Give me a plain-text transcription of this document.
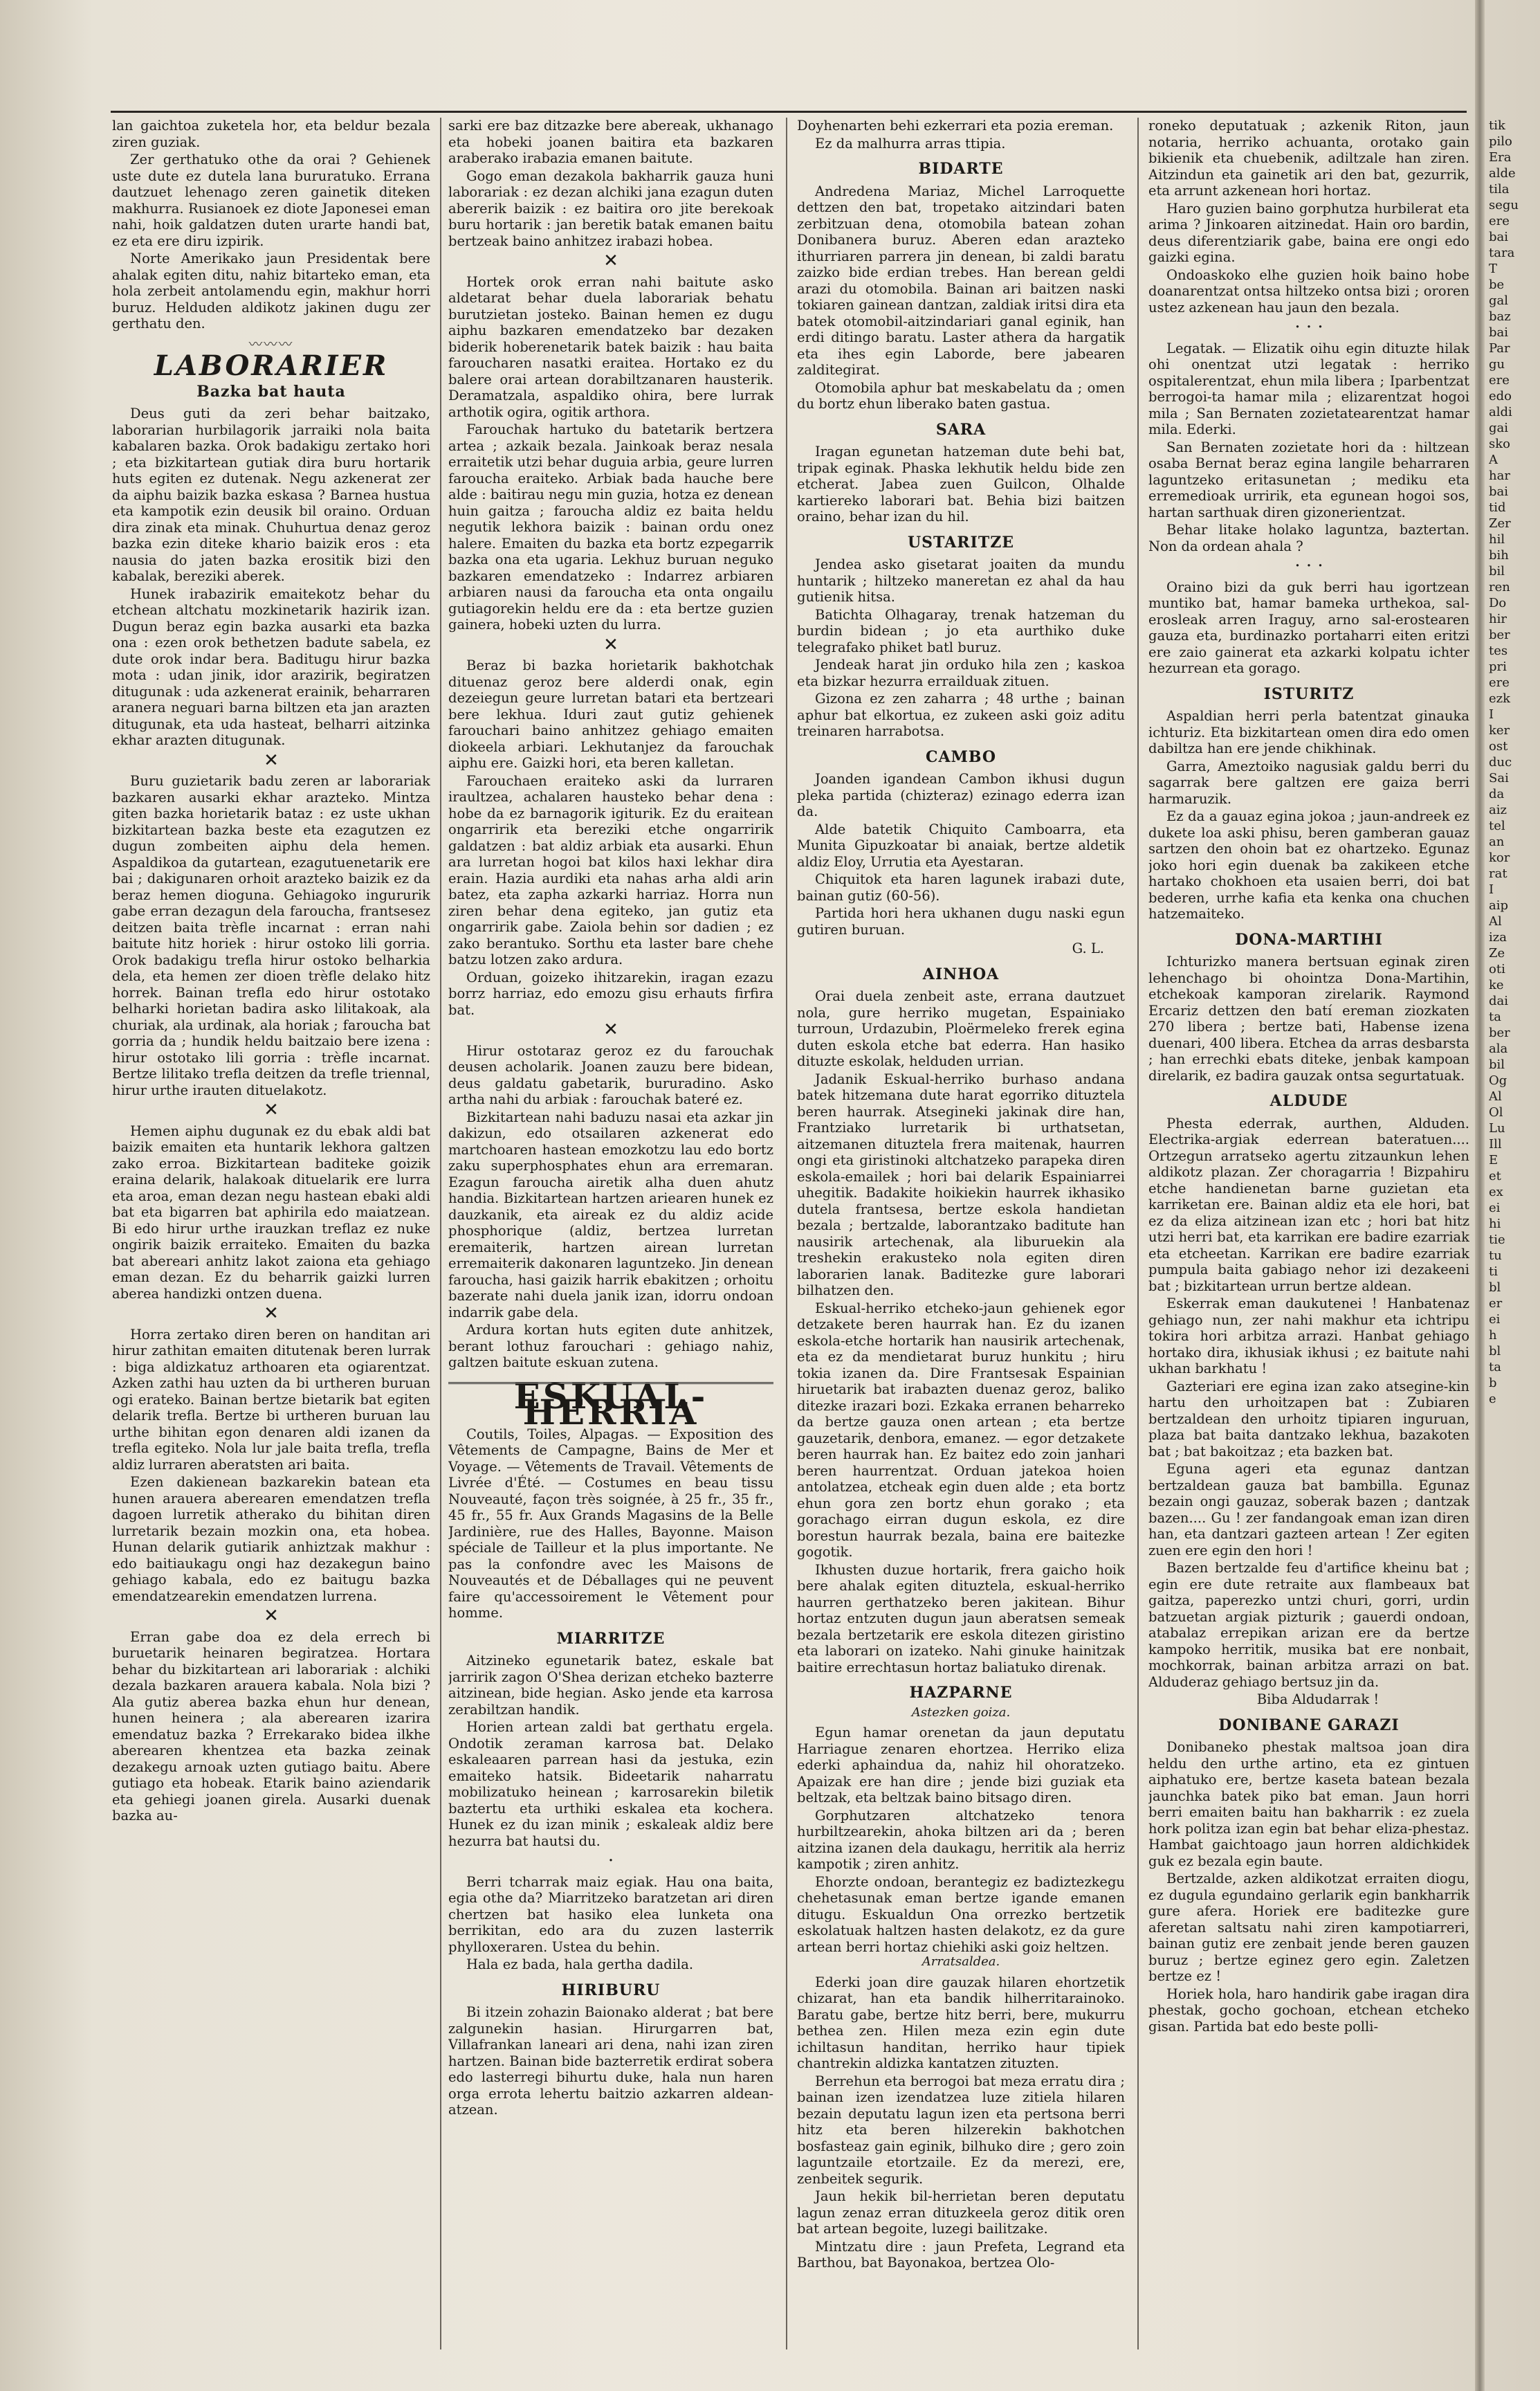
lan gaichtoa zuketela hor, eta beldur bezala ziren guziak.

Zer gerthatuko othe da orai ? Gehienek uste dute ez dutela lana bururatuko. Errana dautzuet lehenago zeren gainetik diteken makhurra. Rusianoek ez diote Japonesei eman nahi, hoik galdatzen duten urarte handi bat, ez eta ere diru izpirik.

Norte Amerikako jaun Presidentak bere ahalak egiten ditu, nahiz bitarteko eman, eta hola zerbeit antolamendu egin, makhur horri buruz. Helduden aldikotz jakinen dugu zer gerthatu den.

〰〰〰
LABORARIER
Bazka bat hauta

Deus guti da zeri behar baitzako, laborarian hurbilagorik jarraiki nola baita kabalaren bazka. Orok badakigu zertako hori ; eta bizkitartean gutiak dira buru hortarik huts egiten ez dutenak. Negu azkenerat zer da aiphu baizik bazka eskasa ? Barnea hustua eta kampotik ezin deusik bil oraino. Orduan dira zinak eta minak. Chuhurtua denaz geroz bazka ezin diteke khario baizik eros : eta nausia do jaten bazka erositik bizi den kabalak, bereziki aberek.

Hunek irabazirik emaitekotz behar du etchean altchatu mozkinetarik hazirik izan. Dugun beraz egin bazka ausarki eta bazka ona : ezen orok bethetzen badute sabela, ez dute orok indar bera. Baditugu hirur bazka mota : udan jinik, idor arazirik, begiratzen ditugunak : uda azkenerat erainik, beharraren aranera neguari barna biltzen eta jan arazten ditugunak, eta uda hasteat, belharri aitzinka ekhar arazten ditugunak.

✕

Buru guzietarik badu zeren ar laborariak bazkaren ausarki ekhar arazteko. Mintza giten bazka horietarik bataz : ez uste ukhan bizkitartean bazka beste eta ezagutzen ez dugun zombeiten aiphu dela hemen. Aspaldikoa da gutartean, ezagutuenetarik ere bai ; dakigunaren orhoit arazteko baizik ez da beraz hemen dioguna. Gehiagoko ingururik gabe erran dezagun dela faroucha, frantsesez deitzen baita trèfle incarnat : erran nahi baitute hitz horiek : hirur ostoko lili gorria. Orok badakigu trefla hirur ostoko belharkia dela, eta hemen zer dioen trèfle delako hitz horrek. Bainan trefla edo hirur ostotako belharki horietan badira asko lilitakoak, ala churiak, ala urdinak, ala horiak ; faroucha bat gorria da ; hundik heldu baitzaio bere izena : hirur ostotako lili gorria : trèfle incarnat. Bertze lilitako trefla deitzen da trefle triennal, hirur urthe irauten dituelakotz.

✕

Hemen aiphu dugunak ez du ebak aldi bat baizik emaiten eta huntarik lekhora galtzen zako erroa. Bizkitartean baditeke goizik eraina delarik, halakoak dituelarik ere lurra eta aroa, eman dezan negu hastean ebaki aldi bat eta bigarren bat aphirila edo maiatzean. Bi edo hirur urthe irauzkan treflaz ez nuke ongirik baizik erraiteko. Emaiten du bazka bat abereari anhitz lakot zaiona eta gehiago eman dezan. Ez du beharrik gaizki lurren aberea handizki ontzen duena.

✕

Horra zertako diren beren on handitan ari hirur zathitan emaiten ditutenak beren lurrak : biga aldizkatuz arthoaren eta ogiarentzat. Azken zathi hau uzten da bi urtheren buruan ogi erateko. Bainan bertze bietarik bat egiten delarik trefla. Bertze bi urtheren buruan lau urthe bihitan egon denaren aldi izanen da trefla egiteko. Nola lur jale baita trefla, trefla aldiz lurraren aberatsten ari baita.

Ezen dakienean bazkarekin batean eta hunen arauera aberearen emendatzen trefla dagoen lurretik atherako du bihitan diren lurretarik bezain mozkin ona, eta hobea. Hunan delarik gutiarik anhiztzak makhur : edo baitiaukagu ongi haz dezakegun baino gehiago kabala, edo ez baitugu bazka emendatzearekin emendatzen lurrena.

✕

Erran gabe doa ez dela errech bi buruetarik heinaren begiratzea. Hortara behar du bizkitartean ari laborariak : alchiki dezala bazkaren arauera kabala. Nola bizi ? Ala gutiz aberea bazka ehun hur denean, hunen heinera ; ala aberearen izarira emendatuz bazka ? Errekarako bidea ilkhe aberearen khentzea eta bazka zeinak dezakegu arnoak uzten gutiago baitu. Abere gutiago eta hobeak. Etarik baino aziendarik eta gehiegi joanen girela. Ausarki duenak bazka au-

sarki ere baz ditzazke bere abereak, ukhanago eta hobeki joanen baitira eta bazkaren araberako irabazia emanen baitute.

Gogo eman dezakola bakharrik gauza huni laborariak : ez dezan alchiki jana ezagun duten abererik baizik : ez baitira oro jite berekoak buru hortarik : jan beretik batak emanen baitu bertzeak baino anhitzez irabazi hobea.

✕

Hortek orok erran nahi baitute asko aldetarat behar duela laborariak behatu burutzietan josteko. Bainan hemen ez dugu aiphu bazkaren emendatzeko bar dezaken biderik hoberenetarik batek baizik : hau baita faroucharen nasatki eraitea. Hortako ez du balere orai artean dorabiltzanaren hausterik. Deramatzala, aspaldiko ohira, bere lurrak arthotik ogira, ogitik arthora.

Farouchak hartuko du batetarik bertzera artea ; azkaik bezala. Jainkoak beraz nesala erraitetik utzi behar duguia arbia, geure lurren faroucha eraiteko. Arbiak bada hauche bere alde : baitirau negu min guzia, hotza ez denean huin gaitza ; faroucha aldiz ez baita heldu negutik lekhora baizik : bainan ordu onez halere. Emaiten du bazka eta bortz ezpegarrik bazka ona eta ugaria. Lekhuz buruan neguko bazkaren emendatzeko : Indarrez arbiaren arbiaren nausi da faroucha eta onta ongailu gutiagorekin heldu ere da : eta bertze guzien gainera, hobeki uzten du lurra.

✕

Beraz bi bazka horietarik bakhotchak dituenaz geroz bere alderdi onak, egin dezeiegun geure lurretan batari eta bertzeari bere lekhua. Iduri zaut gutiz gehienek farouchari baino anhitzez gehiago emaiten diokeela arbiari. Lekhutanjez da farouchak aiphu ere. Gaizki hori, eta beren kalletan.

Farouchaen eraiteko aski da lurraren iraultzea, achalaren hausteko behar dena : hobe da ez barnagorik igiturik. Ez du eraitean ongarririk eta bereziki etche ongarririk galdatzen : bat aldiz arbiak eta ausarki. Ehun ara lurretan hogoi bat kilos haxi lekhar dira erain. Hazia aurdiki eta nahas arha aldi arin batez, eta zapha azkarki harriaz. Horra nun ziren behar dena egiteko, jan gutiz eta ongarririk gabe. Zaiola behin sor dadien ; ez zako berantuko. Sorthu eta laster bare chehe batzu lotzen zako ardura.

Orduan, goizeko ihitzarekin, iragan ezazu borrz harriaz, edo emozu gisu erhauts firfira bat.

✕

Hirur ostotaraz geroz ez du farouchak deusen acholarik. Joanen zauzu bere bidean, deus galdatu gabetarik, bururadino. Asko artha nahi du arbiak : farouchak bateré ez.

Bizkitartean nahi baduzu nasai eta azkar jin dakizun, edo otsailaren azkenerat edo martchoaren hastean emozkotzu lau edo bortz zaku superphosphates ehun ara erremaran. Ezagun faroucha airetik alha duen ahutz handia. Bizkitartean hartzen ariearen hunek ez dauzkanik, eta aireak ez du aldiz acide phosphorique (aldiz, bertzea lurretan eremaiterik, hartzen airean lurretan erremaiterik dakonaren laguntzeko. Jin denean faroucha, hasi gaizik harrik ebakitzen ; orhoitu bazerate nahi duela janik izan, idorru ondoan indarrik gabe dela.

Ardura kortan huts egiten dute anhitzek, berant lothuz farouchari : gehiago nahiz, galtzen baitute eskuan zutena.

ESKUAL-HERRIA

Coutils, Toiles, Alpagas. — Exposition des Vêtements de Campagne, Bains de Mer et Voyage. — Vêtements de Travail. Vêtements de Livrée d'Été. — Costumes en beau tissu Nouveauté, façon très soignée, à 25 fr., 35 fr., 45 fr., 55 fr. Aux Grands Magasins de la Belle Jardinière, rue des Halles, Bayonne. Maison spéciale de Tailleur et la plus importante. Ne pas la confondre avec les Maisons de Nouveautés et de Déballages qui ne peuvent faire qu'accessoirement le Vêtement pour homme.

MIARRITZE

Aitzineko egunetarik batez, eskale bat jarririk zagon O'Shea derizan etcheko bazterre aitzinean, bide hegian. Asko jende eta karrosa zerabiltzan handik.

Horien artean zaldi bat gerthatu ergela. Ondotik zeraman karrosa bat. Delako eskaleaaren parrean hasi da jestuka, ezin emaiteko hatsik. Bideetarik naharratu mobilizatuko heinean ; karrosarekin biletik baztertu eta urthiki eskalea eta kochera. Hunek ez du izan minik ; eskaleak aldiz bere hezurra bat hautsi du.

·

Berri tcharrak maiz egiak. Hau ona baita, egia othe da? Miarritzeko baratzetan ari diren chertzen bat hasiko elea lunketa ona berrikitan, edo ara du zuzen lasterrik phylloxeraren. Ustea du behin.

Hala ez bada, hala gertha dadila.

HIRIBURU

Bi itzein zohazin Baionako alderat ; bat bere zalgunekin hasian. Hirurgarren bat, Villafrankan laneari ari dena, nahi izan ziren hartzen. Bainan bide bazterretik erdirat sobera edo lasterregi bihurtu duke, hala nun haren orga errota lehertu baitzio azkarren aldean-atzean.

Doyhenarten behi ezkerrari eta pozia ereman.

Ez da malhurra arras ttipia.

BIDARTE

Andredena Mariaz, Michel Larroquette dettzen den bat, tropetako aitzindari baten zerbitzuan dena, otomobila batean zohan Donibanera buruz. Aberen edan arazteko ithurriaren parrera jin denean, bi zaldi baratu zaizko bide erdian trebes. Han berean geldi arazi du otomobila. Bainan ari baitzen naski tokiaren gainean dantzan, zaldiak iritsi dira eta batek otomobil-aitzindariari ganal eginik, han erdi ditingo baratu. Laster athera da hargatik eta ihes egin Laborde, bere jabearen zalditegirat.

Otomobila aphur bat meskabelatu da ; omen du bortz ehun liberako baten gastua.

SARA

Iragan egunetan hatzeman dute behi bat, tripak eginak. Phaska lekhutik heldu bide zen etcherat. Jabea zuen Guilcon, Olhalde kartiereko laborari bat. Behia bizi baitzen oraino, behar izan du hil.

USTARITZE

Jendea asko gisetarat joaiten da mundu huntarik ; hiltzeko maneretan ez ahal da hau gutienik hitsa.

Batichta Olhagaray, trenak hatzeman du burdin bidean ; jo eta aurthiko duke telegrafako phiket batl buruz.

Jendeak harat jin orduko hila zen ; kaskoa eta bizkar hezurra errailduak zituen.

Gizona ez zen zaharra ; 48 urthe ; bainan aphur bat elkortua, ez zukeen aski goiz aditu treinaren harrabotsa.

CAMBO

Joanden igandean Cambon ikhusi dugun pleka partida (chizteraz) ezinago ederra izan da.

Alde batetik Chiquito Camboarra, eta Munita Gipuzkoatar bi anaiak, bertze aldetik aldiz Eloy, Urrutia eta Ayestaran.

Chiquitok eta haren lagunek irabazi dute, bainan gutiz (60-56).

Partida hori hera ukhanen dugu naski egun gutiren buruan.

G. L.
AINHOA

Orai duela zenbeit aste, errana dautzuet nola, gure herriko mugetan, Espainiako turroun, Urdazubin, Ploërmeleko frerek egina duten eskola etche bat ederra. Han hasiko dituzte eskolak, helduden urrian.

Jadanik Eskual-herriko burhaso andana batek hitzemana dute harat egorriko dituztela beren haurrak. Atsegineki jakinak dire han, Frantziako lurretarik bi urthatsetan, aitzemanen dituztela frera maitenak, haurren ongi eta giristinoki altchatzeko parapeka diren eskola-emailek ; hori bai delarik Espainiarrei uhegitik. Badakite hoikiekin haurrek ikhasiko dutela frantsesa, bertze eskola handietan bezala ; bertzalde, laborantzako baditute han nausirik artechenak, ala liburuekin ala treshekin erakusteko nola egiten diren laborarien lanak. Baditezke gure laborari bilhatzen den.

Eskual-herriko etcheko-jaun gehienek egor detzakete beren haurrak han. Ez du izanen eskola-etche hortarik han nausirik artechenak, eta ez da mendietarat buruz hunkitu ; hiru tokia izanen da. Dire Frantsesak Espainian hiruetarik bat irabazten duenaz geroz, baliko ditezke irazari bozi. Ezkaka erranen beharreko da bertze gauza onen artean ; eta bertze gauzetarik, denbora, emanez. — egor detzakete beren haurrak han. Ez baitez edo zoin janhari beren haurrentzat. Orduan jatekoa hoien antolatzea, etcheak egin duen alde ; eta bortz ehun gora zen bortz ehun gorako ; eta gorachago eirran dugun eskola, ez dire borestun haurrak bezala, baina ere baitezke gogotik.

Ikhusten duzue hortarik, frera gaicho hoik bere ahalak egiten dituztela, eskual-herriko haurren gerthatzeko beren jakitean. Bihur hortaz entzuten dugun jaun aberatsen semeak bezala bertzetarik ere eskola ditezen giristino eta laborari on izateko. Nahi ginuke hainitzak baitire errechtasun hortaz baliatuko direnak.

HAZPARNE
Astezken goiza.

Egun hamar orenetan da jaun deputatu Harriague zenaren ehortzea. Herriko eliza ederki aphaindua da, nahiz hil ohoratzeko. Apaizak ere han dire ; jende bizi guziak eta beltzak, eta beltzak baino bitsago diren.

Gorphutzaren altchatzeko tenora hurbiltzearekin, ahoka biltzen ari da ; beren aitzina izanen dela daukagu, herritik ala herriz kampotik ; ziren anhitz.

Ehorzte ondoan, berantegiz ez badiztezkegu chehetasunak eman bertze igande emanen ditugu. Eskualdun Ona orrezko bertzetik eskolatuak haltzen hasten delakotz, ez da gure artean berri hortaz chiehiki aski goiz heltzen.

Arratsaldea.

Ederki joan dire gauzak hilaren ehortzetik chizarat, han eta bandik hilherritarainoko. Baratu gabe, bertze hitz berri, bere, mukurru bethea zen. Hilen meza ezin egin dute ichiltasun handitan, herriko haur tipiek chantrekin aldizka kantatzen zituzten.

Berrehun eta berrogoi bat meza erratu dira ; bainan izen izendatzea luze zitiela hilaren bezain deputatu lagun izen eta pertsona berri hitz eta beren hilzerekin bakhotchen bosfasteaz gain eginik, bilhuko dire ; gero zoin laguntzaile etortzaile. Ez da merezi, ere, zenbeitek segurik.

Jaun hekik bil-herrietan beren deputatu lagun zenaz erran dituzkeela geroz ditik oren bat artean begoite, luzegi bailitzake.

Mintzatu dire : jaun Prefeta, Legrand eta Barthou, bat Bayonakoa, bertzea Olo-

roneko deputatuak ; azkenik Riton, jaun notaria, herriko achuanta, orotako gain bikienik eta chuebenik, adiltzale han ziren. Aitzindun eta gainetik ari den bat, gezurrik, eta arrunt azkenean hori hortaz.

Haro guzien baino gorphutza hurbilerat eta arima ? Jinkoaren aitzinedat. Hain oro bardin, deus diferentziarik gabe, baina ere ongi edo gaizki egina.

Ondoaskoko elhe guzien hoik baino hobe doanarentzat ontsa hiltzeko ontsa bizi ; ororen ustez azkenean hau jaun den bezala.

· · ·

Legatak. — Elizatik oihu egin dituzte hilak ohi onentzat utzi legatak : herriko ospitalerentzat, ehun mila libera ; Iparbentzat berrogoi-ta hamar mila ; elizarentzat hogoi mila ; San Bernaten zozietatearentzat hamar mila. Ederki.

San Bernaten zozietate hori da : hiltzean osaba Bernat beraz egina langile beharraren laguntzeko eritasunetan ; mediku eta erremedioak urririk, eta egunean hogoi sos, hartan sarthuak diren gizonerientzat.

Behar litake holako laguntza, baztertan. Non da ordean ahala ?

· · ·

Oraino bizi da guk berri hau igortzean muntiko bat, hamar bameka urthekoa, sal-erosleak arren Iraguy, arno sal-erostearen gauza eta, burdinazko portaharri eiten eritzi ere zaio gainerat eta azkarki kolpatu ichter hezurrean eta gorago.

ISTURITZ

Aspaldian herri perla batentzat ginauka ichturiz. Eta bizkitartean omen dira edo omen dabiltza han ere jende chikhinak.

Garra, Ameztoiko nagusiak galdu berri du sagarrak bere galtzen ere gaiza berri harmaruzik.

Ez da a gauaz egina jokoa ; jaun-andreek ez dukete loa aski phisu, beren gamberan gauaz sartzen den ohoin bat ez ohartzeko. Egunaz joko hori egin duenak ba zakikeen etche hartako chokhoen eta usaien berri, doi bat bederen, urrhe kafia eta kenka ona chuchen hatzemaiteko.

DONA-MARTIHI

Ichturizko manera bertsuan eginak ziren lehenchago bi ohointza Dona-Martihin, etchekoak kamporan zirelarik. Raymond Ercariz dettzen den batí ereman ziozkaten 270 libera ; bertze bati, Habense izena duenari, 400 libera. Etchea da arras desbarsta ; han errechki ebats diteke, jenbak kampoan direlarik, ez badira gauzak ontsa segurtatuak.

ALDUDE

Phesta ederrak, aurthen, Alduden. Electrika-argiak ederrean bateratuen.... Ortzegun arratseko agertu zitzaunkun lehen aldikotz plazan. Zer choragarria ! Bizpahiru etche handienetan barne guzietan eta karriketan ere. Bainan aldiz eta ele hori, bat ez da eliza aitzinean izan etc ; hori bat hitz utzi herri bat, eta karrikan ere badire ezarriak eta etcheetan. Karrikan ere badire ezarriak pumpula baita gabiago nehor izi dezakeeni bat ; bizkitartean urrun bertze aldean.

Eskerrak eman daukutenei ! Hanbatenaz gehiago nun, zer nahi makhur eta ichtripu tokira hori arbitza arrazi. Hanbat gehiago hortako dira, ikhusiak ikhusi ; ez baitute nahi ukhan barkhatu !

Gazteriari ere egina izan zako atsegine-kin hartu den urhoitzapen bat : Zubiaren bertzaldean den urhoitz tipiaren inguruan, plaza bat baita dantzako lekhua, bazakoten bat ; bat bakoitzaz ; eta bazken bat.

Eguna ageri eta egunaz dantzan bertzaldean gauza bat bambilla. Egunaz bezain ongi gauzaz, soberak bazen ; dantzak bazen.... Gu ! zer fandangoak eman izan diren han, eta dantzari gazteen artean ! Zer egiten zuen ere egin den hori !

Bazen bertzalde feu d'artifice kheinu bat ; egin ere dute retraite aux flambeaux bat gaitza, paperezko untzi churi, gorri, urdin batzuetan argiak pizturik ; gauerdi ondoan, atabalaz errepikan arizan ere da bertze kampoko herritik, musika bat ere nonbait, mochkorrak, bainan arbitza arrazi on bat. Alduderaz gehiago bertsuz jin da.

Biba Aldudarrak !

DONIBANE GARAZI

Donibaneko phestak maltsoa joan dira heldu den urthe artino, eta ez gintuen aiphatuko ere, bertze kaseta batean bezala jaunchka batek piko bat eman. Jaun horri berri emaiten baitu han bakharrik : ez zuela hork politza izan egin bat behar eliza-phestaz. Hambat gaichtoago jaun horren aldichkidek guk ez bezala egin baute.

Bertzalde, azken aldikotzat erraiten diogu, ez dugula egundaino gerlarik egin bankharrik gure afera. Horiek ere baditezke gure aferetan saltsatu nahi ziren kampotiarreri, bainan gutiz ere zenbait jende beren gauzen buruz ; bertze eginez gero egin. Zaletzen bertze ez !

Horiek hola, haro handirik gabe iragan dira phestak, gocho gochoan, etchean etcheko gisan. Partida bat edo beste polli-

tik
pilo
Era
alde
tila
segu
ere
bai
tara
T
be
gal
baz
bai
Par
gu
ere
edo
aldi
gai
sko
A
har
bai
tid
Zer
hil
bih
bil
ren
Do
hir
ber
tes
pri
ere
ezk
I
ker
ost
duc
Sai
da
aiz
tel
an
kor
rat
I
aip
Al
iza
Ze
oti
ke
dai
ta
ber
ala
bil
Og
Al
Ol
Lu
Ill
E
et
ex
ei
hi
tie
tu
ti
bl
er
ei
h
bl
ta
b
e
